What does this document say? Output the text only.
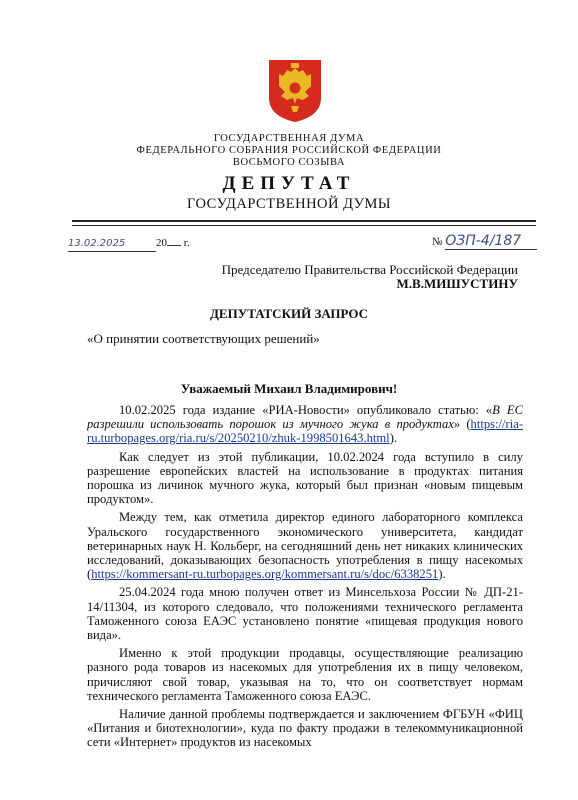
ГОСУДАРСТВЕННАЯ ДУМА
ФЕДЕРАЛЬНОГО СОБРАНИЯ РОССИЙСКОЙ ФЕДЕРАЦИИ
ВОСЬМОГО СОЗЫВА
ДЕПУТАТ
ГОСУДАРСТВЕННОЙ ДУМЫ
13.02.2025	20 г.	№ ОЗП-4/187
Председателю Правительства Российской Федерации
М.В.МИШУСТИНУ
ДЕПУТАТСКИЙ ЗАПРОС
«О принятии соответствующих решений»
Уважаемый Михаил Владимирович!

10.02.2025 года издание «РИА-Новости» опубликовало статью: «В ЕС разрешили использовать порошок из мучного жука в продуктах» (https://ria-ru.turbopages.org/ria.ru/s/20250210/zhuk-1998501643.html).

Как следует из этой публикации, 10.02.2024 года вступило в силу разрешение европейских властей на использование в продуктах питания порошка из личинок мучного жука, который был признан «новым пищевым продуктом».

Между тем, как отметила директор единого лабораторного комплекса Уральского государственного экономического университета, кандидат ветеринарных наук Н. Кольберг, на сегодняшний день нет никаких клинических исследований, доказывающих безопасность употребления в пищу насекомых (https://kommersant-ru.turbopages.org/kommersant.ru/s/doc/6338251).

25.04.2024 года мною получен ответ из Минсельхоза России № ДП-21-14/11304, из которого следовало, что положениями технического регламента Таможенного союза ЕАЭС установлено понятие «пищевая продукция нового вида».

Именно к этой продукции продавцы, осуществляющие реализацию разного рода товаров из насекомых для употребления их в пищу человеком, причисляют свой товар, указывая на то, что он соответствует нормам технического регламента Таможенного союза ЕАЭС.

Наличие данной проблемы подтверждается и заключением ФГБУН «ФИЦ «Питания и биотехнологии», куда по факту продажи в телекоммуникационной сети «Интернет» продуктов из насекомых
